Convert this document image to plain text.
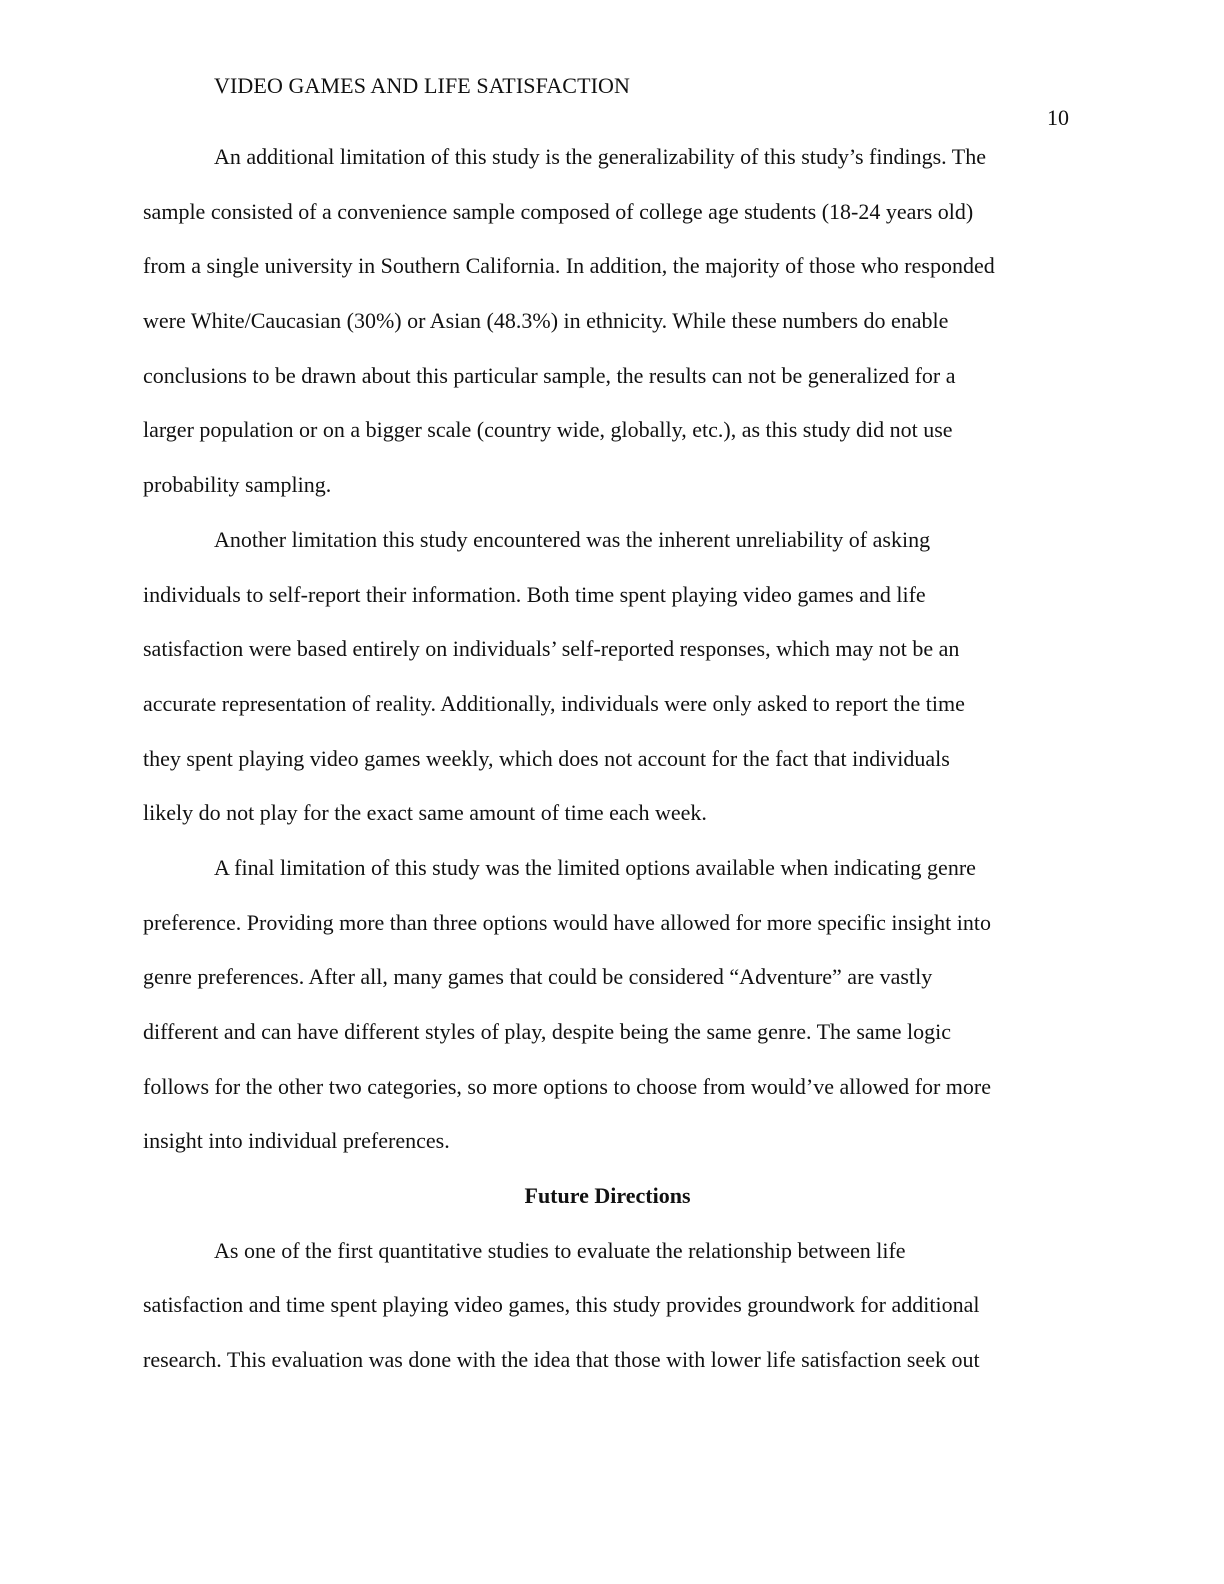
VIDEO GAMES AND LIFE SATISFACTION
10
An additional limitation of this study is the generalizability of this study’s findings. The
sample consisted of a convenience sample composed of college age students (18-24 years old)
from a single university in Southern California. In addition, the majority of those who responded
were White/Caucasian (30%) or Asian (48.3%) in ethnicity. While these numbers do enable
conclusions to be drawn about this particular sample, the results can not be generalized for a
larger population or on a bigger scale (country wide, globally, etc.), as this study did not use
probability sampling.
Another limitation this study encountered was the inherent unreliability of asking
individuals to self-report their information. Both time spent playing video games and life
satisfaction were based entirely on individuals’ self-reported responses, which may not be an
accurate representation of reality. Additionally, individuals were only asked to report the time
they spent playing video games weekly, which does not account for the fact that individuals
likely do not play for the exact same amount of time each week.
A final limitation of this study was the limited options available when indicating genre
preference. Providing more than three options would have allowed for more specific insight into
genre preferences. After all, many games that could be considered “Adventure” are vastly
different and can have different styles of play, despite being the same genre. The same logic
follows for the other two categories, so more options to choose from would’ve allowed for more
insight into individual preferences.
Future Directions
As one of the first quantitative studies to evaluate the relationship between life
satisfaction and time spent playing video games, this study provides groundwork for additional
research. This evaluation was done with the idea that those with lower life satisfaction seek out
